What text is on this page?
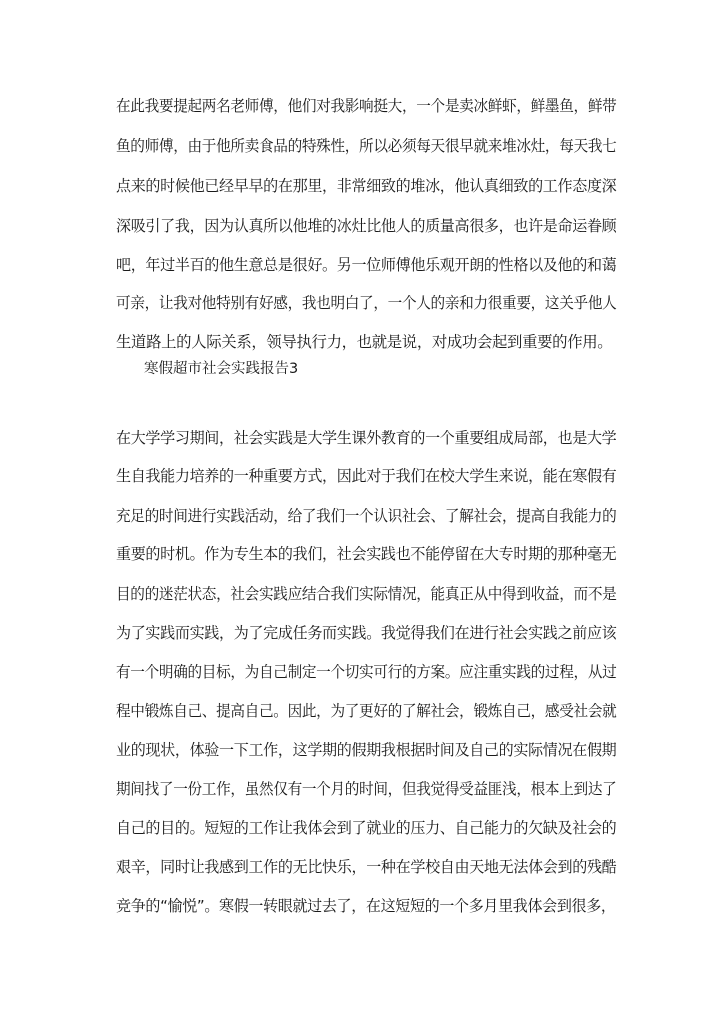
在此我要提起两名老师傅，他们对我影响挺大，一个是卖冰鲜虾，鲜墨鱼，鲜带
鱼的师傅，由于他所卖食品的特殊性，所以必须每天很早就来堆冰灶，每天我七
点来的时候他已经早早的在那里，非常细致的堆冰，他认真细致的工作态度深
深吸引了我，因为认真所以他堆的冰灶比他人的质量高很多，也许是命运眷顾
吧，年过半百的他生意总是很好。另一位师傅他乐观开朗的性格以及他的和蔼
可亲，让我对他特别有好感，我也明白了，一个人的亲和力很重要，这关乎他人
生道路上的人际关系，领导执行力，也就是说，对成功会起到重要的作用。
寒假超市社会实践报告3
在大学学习期间，社会实践是大学生课外教育的一个重要组成局部，也是大学
生自我能力培养的一种重要方式，因此对于我们在校大学生来说，能在寒假有
充足的时间进行实践活动，给了我们一个认识社会、了解社会，提高自我能力的
重要的时机。作为专生本的我们，社会实践也不能停留在大专时期的那种毫无
目的的迷茫状态，社会实践应结合我们实际情况，能真正从中得到收益，而不是
为了实践而实践，为了完成任务而实践。我觉得我们在进行社会实践之前应该
有一个明确的目标，为自己制定一个切实可行的方案。应注重实践的过程，从过
程中锻炼自己、提高自己。因此，为了更好的了解社会，锻炼自己，感受社会就
业的现状，体验一下工作，这学期的假期我根据时间及自己的实际情况在假期
期间找了一份工作，虽然仅有一个月的时间，但我觉得受益匪浅，根本上到达了
自己的目的。短短的工作让我体会到了就业的压力、自己能力的欠缺及社会的
艰辛，同时让我感到工作的无比快乐，一种在学校自由天地无法体会到的残酷
竞争的“愉悦”。寒假一转眼就过去了，在这短短的一个多月里我体会到很多，
